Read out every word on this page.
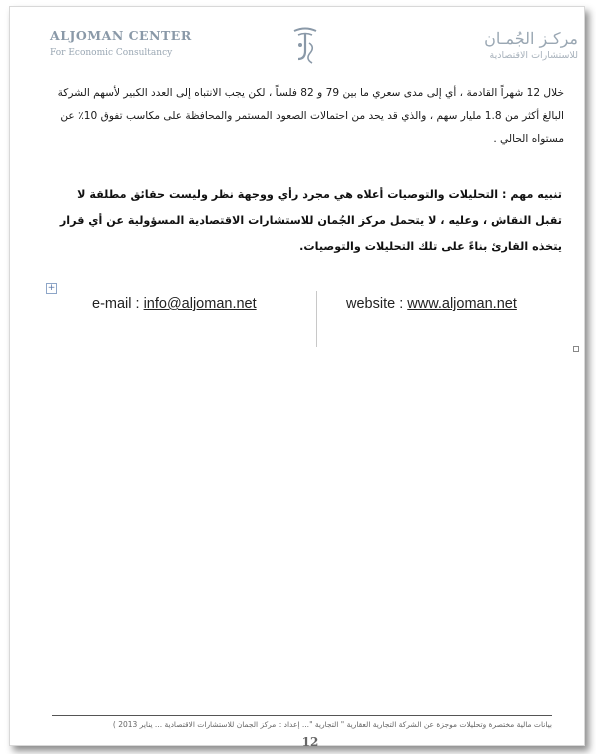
ALJOMAN CENTER
For Economic Consultancy
مركـز الجُمـان
للاستشارات الاقتصادية
خلال 12 شهراً القادمة ، أي إلى مدى سعري ما بين 79 و 82 فلساً ، لكن يجب الانتباه إلى العدد الكبير لأسهم الشركة البالغ أكثر من 1.8 مليار سهم ، والذي قد يحد من احتمالات الصعود المستمر والمحافظة على مكاسب تفوق 10٪ عن مستواه الحالي .
تنبيه مهم : التحليلات والتوصيات أعلاه هي مجرد رأي ووجهة نظر وليست حقائق مطلقة لا تقبل النقاش ، وعليه ، لا يتحمل مركز الجُمان للاستشارات الاقتصادية المسؤولية عن أي قرار يتخذه القارئ بناءً على تلك التحليلات والتوصيات.
+
e-mail : info@aljoman.net	website : www.aljoman.net
بيانات مالية مختصرة وتحليلات موجزة عن الشركة التجارية العقارية " التجارية "... إعداد : مركز الجمان للاستشارات الاقتصادية ... يناير 2013 )
12
